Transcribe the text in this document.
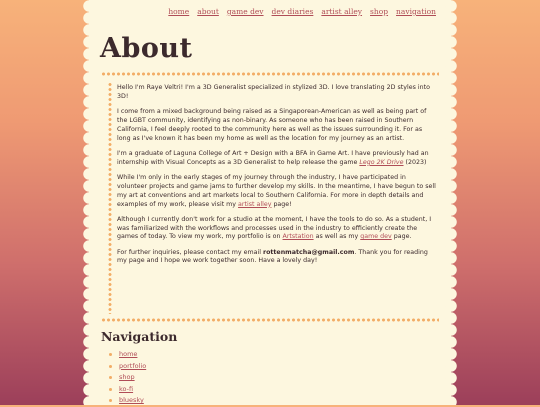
home about game dev dev diaries artist alley shop navigation
About

Hello I'm Raye Veltri! I'm a 3D Generalist specialized in stylized 3D. I love translating 2D styles into 3D!

I come from a mixed background being raised as a Singaporean-American as well as being part of the LGBT community, identifying as non-binary. As someone who has been raised in Southern California, I feel deeply rooted to the community here as well as the issues surrounding it. For as long as I've known it has been my home as well as the location for my journey as an artist.

I'm a graduate of Laguna College of Art + Design with a BFA in Game Art. I have previously had an internship with Visual Concepts as a 3D Generalist to help release the game Lego 2K Drive (2023)

While I'm only in the early stages of my journey through the industry, I have participated in volunteer projects and game jams to further develop my skills. In the meantime, I have begun to sell my art at conventions and art markets local to Southern California. For more in depth details and examples of my work, please visit my artist alley page!

Although I currently don't work for a studio at the moment, I have the tools to do so. As a student, I was familiarized with the workflows and processes used in the industry to efficiently create the games of today. To view my work, my portfolio is on Artstation as well as my game dev page.

For further inquiries, please contact my email rottenmatcha@gmail.com. Thank you for reading my page and I hope we work together soon. Have a lovely day!

Navigation
home
portfolio
shop
ko-fi
bluesky
